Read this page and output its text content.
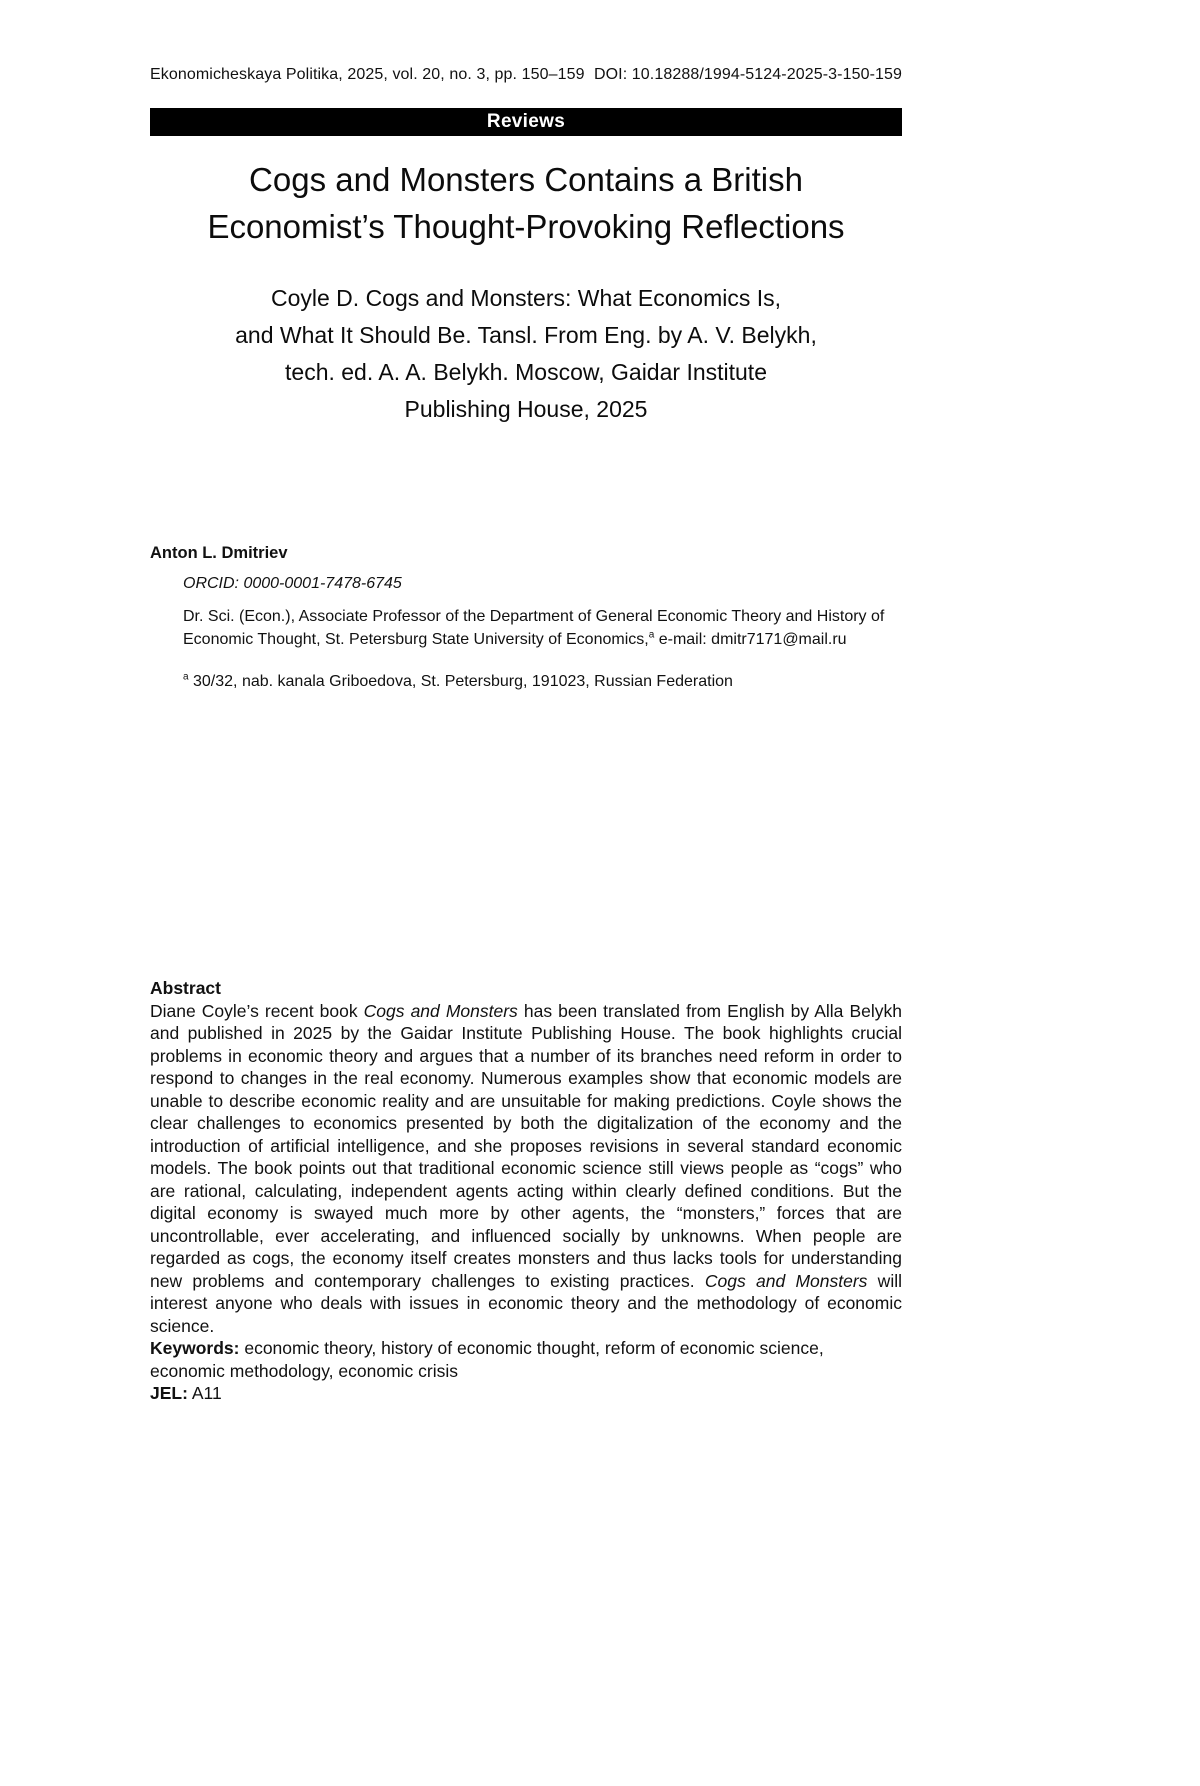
Ekonomicheskaya Politika, 2025, vol. 20, no. 3, pp. 150–159 DOI: 10.18288/1994-5124-2025-3-150-159
Reviews
Cogs and Monsters Contains a British
Economist’s Thought-Provoking Reflections
Coyle D. Cogs and Monsters: What Economics Is,
and What It Should Be. Tansl. From Eng. by A. V. Belykh,
tech. ed. A. A. Belykh. Moscow, Gaidar Institute
Publishing House, 2025
Anton L. Dmitriev
ORCID: 0000-0001-7478-6745
Dr. Sci. (Econ.), Associate Professor of the Department of General Economic Theory and History of Economic Thought, St. Petersburg State University of Economics,$^a$ e-mail: dmitr7171@mail.ru
$^a$ 30/32, nab. kanala Griboedova, St. Petersburg, 191023, Russian Federation
Abstract
Diane Coyle’s recent book Cogs and Monsters has been translated from English by Alla Belykh and published in 2025 by the Gaidar Institute Publishing House. The book highlights crucial problems in economic theory and argues that a number of its branches need reform in order to respond to changes in the real economy. Numerous examples show that economic models are unable to describe economic reality and are unsuitable for making predictions. Coyle shows the clear challenges to economics presented by both the digitalization of the economy and the introduction of artificial intelligence, and she proposes revisions in several standard economic models. The book points out that traditional economic science still views people as “cogs” who are rational, calculating, independent agents acting within clearly defined conditions. But the digital economy is swayed much more by other agents, the “monsters,” forces that are uncontrollable, ever accelerating, and influenced socially by unknowns. When people are regarded as cogs, the economy itself creates monsters and thus lacks tools for understanding new problems and contemporary challenges to existing practices. Cogs and Monsters will interest anyone who deals with issues in economic theory and the methodology of economic science.
Keywords: economic theory, history of economic thought, reform of economic science, economic methodology, economic crisis
JEL: A11
